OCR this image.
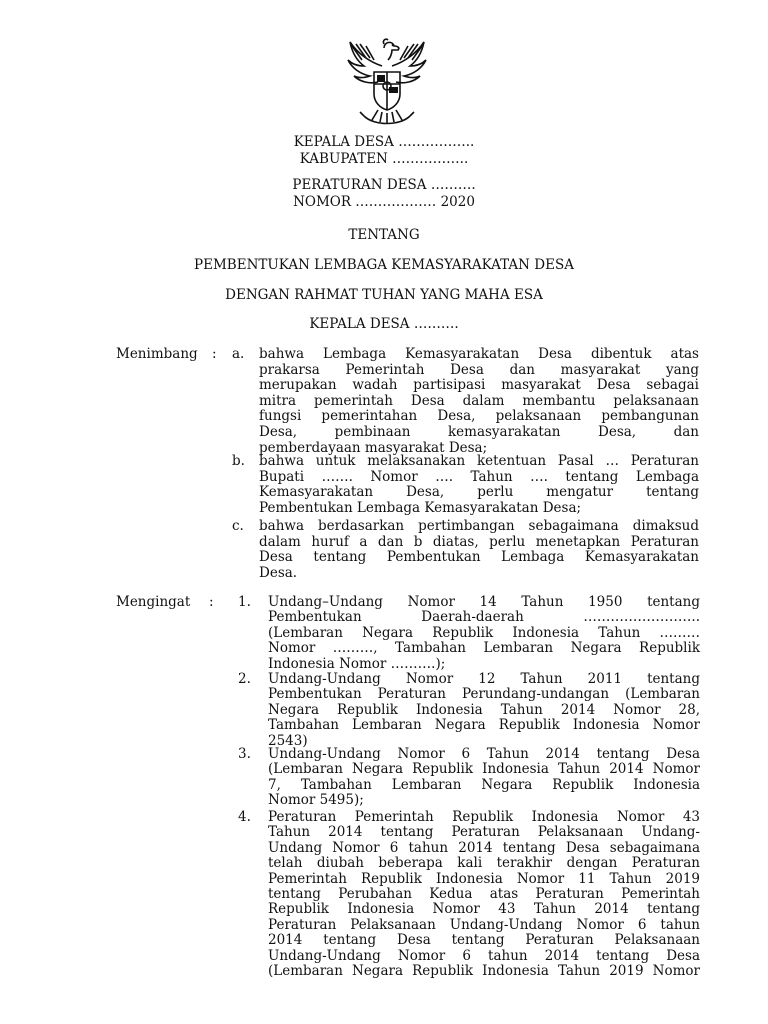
KEPALA DESA ……………..
KABUPATEN ……………..
PERATURAN DESA ……….
NOMOR ……………… 2020
TENTANG
PEMBENTUKAN LEMBAGA KEMASYARAKATAN DESA
DENGAN RAHMAT TUHAN YANG MAHA ESA
KEPALA DESA ……….
Menimbang : a. bahwa Lembaga Kemasyarakatan Desa dibentuk atas
prakarsa Pemerintah Desa dan masyarakat yang
merupakan wadah partisipasi masyarakat Desa sebagai
mitra pemerintah Desa dalam membantu pelaksanaan
fungsi pemerintahan Desa, pelaksanaan pembangunan
Desa, pembinaan kemasyarakatan Desa, dan
pemberdayaan masyarakat Desa;
b. bahwa untuk melaksanakan ketentuan Pasal … Peraturan
Bupati ……. Nomor …. Tahun …. tentang Lembaga
Kemasyarakatan Desa, perlu mengatur tentang
Pembentukan Lembaga Kemasyarakatan Desa;
c. bahwa berdasarkan pertimbangan sebagaimana dimaksud
dalam huruf a dan b diatas, perlu menetapkan Peraturan
Desa tentang Pembentukan Lembaga Kemasyarakatan
Desa.
Mengingat : 1. Undang–Undang Nomor 14 Tahun 1950 tentang
Pembentukan Daerah-daerah ……………………..
(Lembaran Negara Republik Indonesia Tahun ………
Nomor ………, Tambahan Lembaran Negara Republik
Indonesia Nomor ……….);
2. Undang-Undang Nomor 12 Tahun 2011 tentang
Pembentukan Peraturan Perundang-undangan (Lembaran
Negara Republik Indonesia Tahun 2014 Nomor 28,
Tambahan Lembaran Negara Republik Indonesia Nomor
2543)
3. Undang-Undang Nomor 6 Tahun 2014 tentang Desa
(Lembaran Negara Republik Indonesia Tahun 2014 Nomor
7, Tambahan Lembaran Negara Republik Indonesia
Nomor 5495);
4. Peraturan Pemerintah Republik Indonesia Nomor 43
Tahun 2014 tentang Peraturan Pelaksanaan Undang-
Undang Nomor 6 tahun 2014 tentang Desa sebagaimana
telah diubah beberapa kali terakhir dengan Peraturan
Pemerintah Republik Indonesia Nomor 11 Tahun 2019
tentang Perubahan Kedua atas Peraturan Pemerintah
Republik Indonesia Nomor 43 Tahun 2014 tentang
Peraturan Pelaksanaan Undang-Undang Nomor 6 tahun
2014 tentang Desa tentang Peraturan Pelaksanaan
Undang-Undang Nomor 6 tahun 2014 tentang Desa
(Lembaran Negara Republik Indonesia Tahun 2019 Nomor
